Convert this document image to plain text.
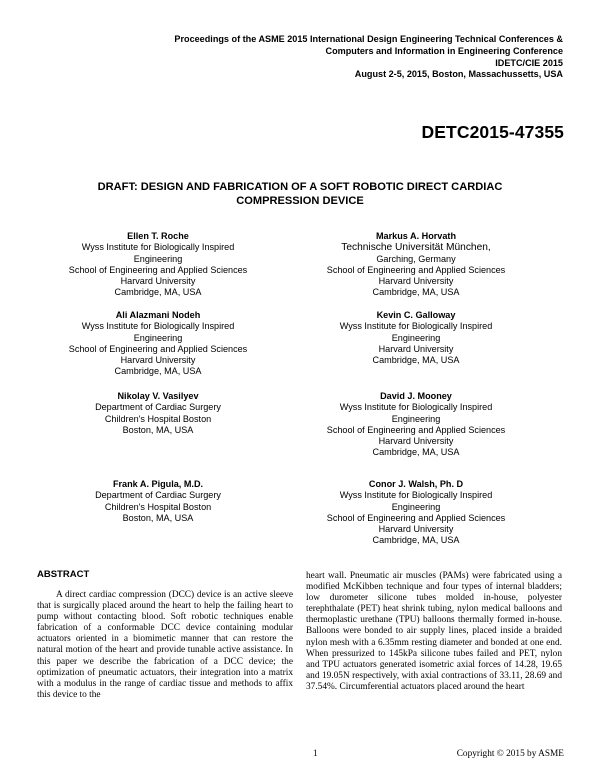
Proceedings of the ASME 2015 International Design Engineering Technical Conferences &
Computers and Information in Engineering Conference
IDETC/CIE 2015
August 2-5, 2015, Boston, Massachussetts, USA
DETC2015-47355
DRAFT: DESIGN AND FABRICATION OF A SOFT ROBOTIC DIRECT CARDIAC
COMPRESSION DEVICE
Ellen T. Roche
Wyss Institute for Biologically Inspired
Engineering
School of Engineering and Applied Sciences
Harvard University
Cambridge, MA, USA
Markus A. Horvath
Technische Universität München,
Garching, Germany
School of Engineering and Applied Sciences
Harvard University
Cambridge, MA, USA
Ali Alazmani Nodeh
Wyss Institute for Biologically Inspired
Engineering
School of Engineering and Applied Sciences
Harvard University
Cambridge, MA, USA
Kevin C. Galloway
Wyss Institute for Biologically Inspired
Engineering
Harvard University
Cambridge, MA, USA
Nikolay V. Vasilyev
Department of Cardiac Surgery
Children's Hospital Boston
Boston, MA, USA
David J. Mooney
Wyss Institute for Biologically Inspired
Engineering
School of Engineering and Applied Sciences
Harvard University
Cambridge, MA, USA
Frank A. Pigula, M.D.
Department of Cardiac Surgery
Children's Hospital Boston
Boston, MA, USA
Conor J. Walsh, Ph. D
Wyss Institute for Biologically Inspired
Engineering
School of Engineering and Applied Sciences
Harvard University
Cambridge, MA, USA
ABSTRACT

A direct cardiac compression (DCC) device is an active sleeve that is surgically placed around the heart to help the failing heart to pump without contacting blood. Soft robotic techniques enable fabrication of a conformable DCC device containing modular actuators oriented in a biomimetic manner that can restore the natural motion of the heart and provide tunable active assistance. In this paper we describe the fabrication of a DCC device; the optimization of pneumatic actuators, their integration into a matrix with a modulus in the range of cardiac tissue and methods to affix this device to the

heart wall. Pneumatic air muscles (PAMs) were fabricated using a modified McKibben technique and four types of internal bladders; low durometer silicone tubes molded in-house, polyester terephthalate (PET) heat shrink tubing, nylon medical balloons and thermoplastic urethane (TPU) balloons thermally formed in-house. Balloons were bonded to air supply lines, placed inside a braided nylon mesh with a 6.35mm resting diameter and bonded at one end. When pressurized to 145kPa silicone tubes failed and PET, nylon and TPU actuators generated isometric axial forces of 14.28, 19.65 and 19.05N respectively, with axial contractions of 33.11, 28.69 and 37.54%. Circumferential actuators placed around the heart

1	Copyright © 2015 by ASME
